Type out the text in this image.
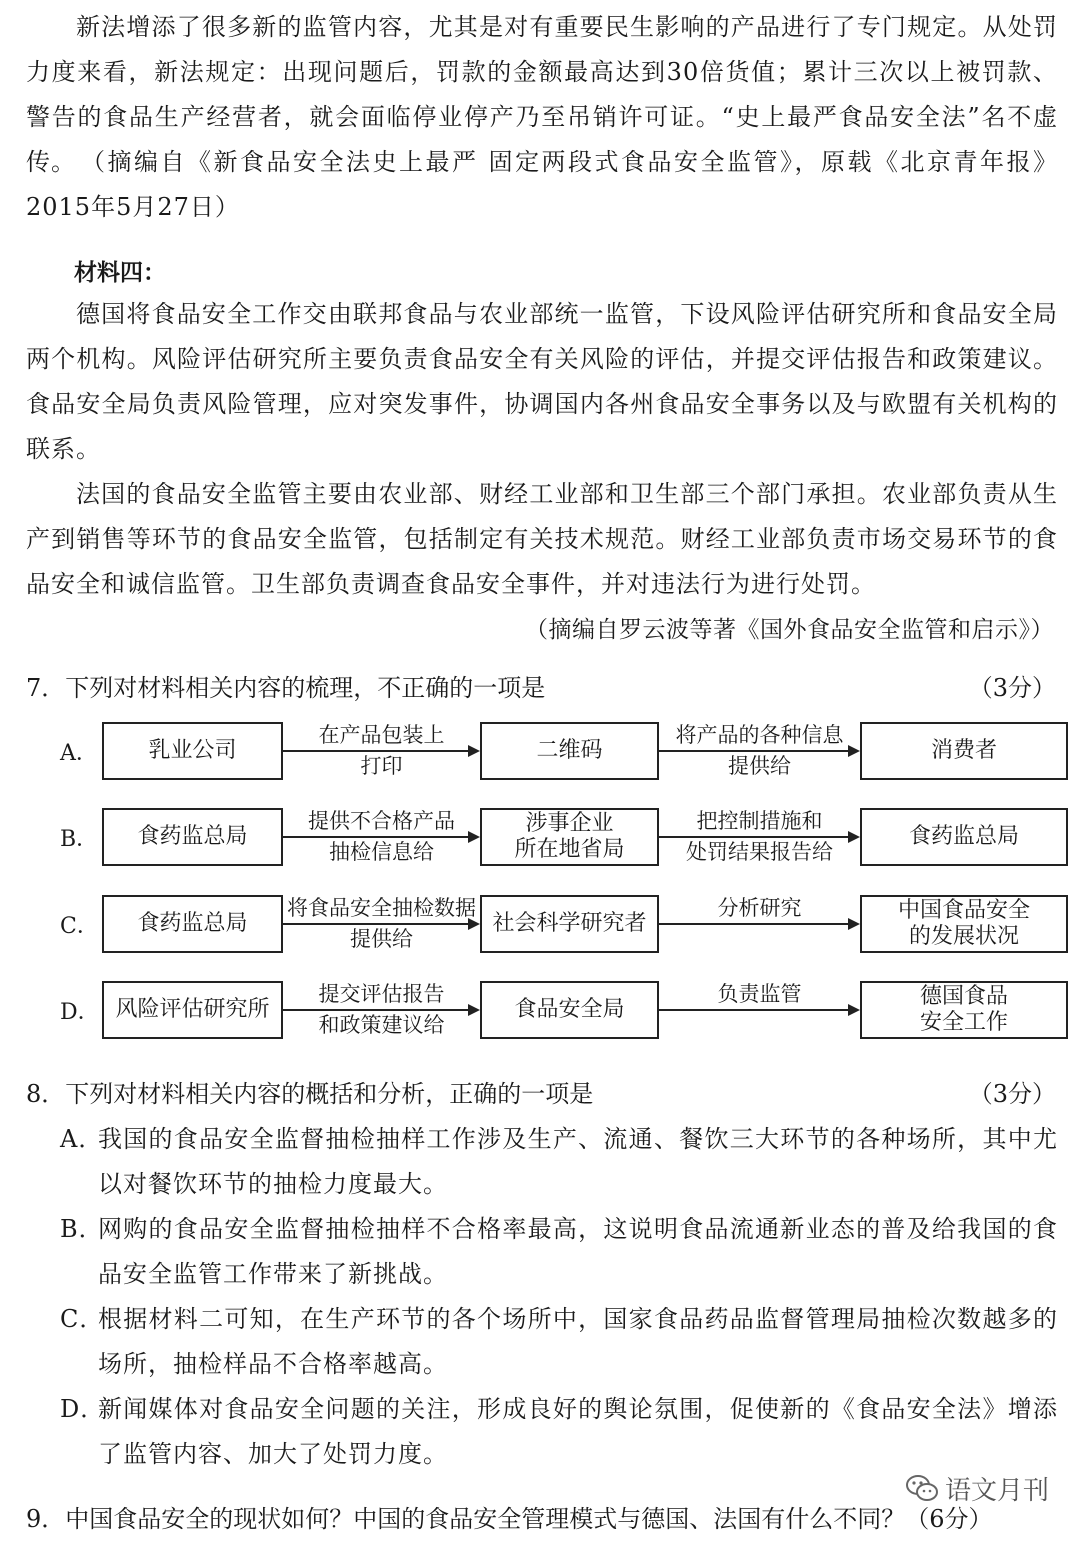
新法增添了很多新的监管内容，尤其是对有重要民生影响的产品进行了专门规定。从处罚力度来看，新法规定：出现问题后，罚款的金额最高达到30倍货值；累计三次以上被罚款、警告的食品生产经营者，就会面临停业停产乃至吊销许可证。“史上最严食品安全法”名不虚传。 （摘编自《新食品安全法史上最严 固定两段式食品安全监管》，原载《北京青年报》2015年5月27日）

材料四：

德国将食品安全工作交由联邦食品与农业部统一监管，下设风险评估研究所和食品安全局两个机构。风险评估研究所主要负责食品安全有关风险的评估，并提交评估报告和政策建议。食品安全局负责风险管理，应对突发事件，协调国内各州食品安全事务以及与欧盟有关机构的联系。

法国的食品安全监管主要由农业部、财经工业部和卫生部三个部门承担。农业部负责从生产到销售等环节的食品安全监管，包括制定有关技术规范。财经工业部负责市场交易环节的食品安全和诚信监管。卫生部负责调查食品安全事件，并对违法行为进行处罚。

（摘编自罗云波等著《国外食品安全监管和启示》）
7．下列对材料相关内容的梳理，不正确的一项是	（3分）
A．	乳业公司
在产品包装上
打印
二维码
将产品的各种信息
提供给
消费者
B．	食药监总局
提供不合格产品
抽检信息给
涉事企业
所在地省局
把控制措施和
处罚结果报告给
食药监总局
C．	食药监总局
将食品安全抽检数据
提供给
社会科学研究者
分析研究	中国食品安全
的发展状况
D． 风险评估研究所
提交评估报告
和政策建议给
食品安全局
负责监管	德国食品
安全工作
8．下列对材料相关内容的概括和分析，正确的一项是	（3分）
A．
我国的食品安全监督抽检抽样工作涉及生产、流通、餐饮三大环节的各种场所，其中尤以对餐饮环节的抽检力度最大。
B．
网购的食品安全监督抽检抽样不合格率最高，这说明食品流通新业态的普及给我国的食品安全监管工作带来了新挑战。
C．
根据材料二可知，在生产环节的各个场所中，国家食品药品监督管理局抽检次数越多的场所，抽检样品不合格率越高。
D．
新闻媒体对食品安全问题的关注，形成良好的舆论氛围，促使新的《食品安全法》增添了监管内容、加大了处罚力度。
9．中国食品安全的现状如何？中国的食品安全管理模式与德国、法国有什么不同？（6分）
语文月刊
